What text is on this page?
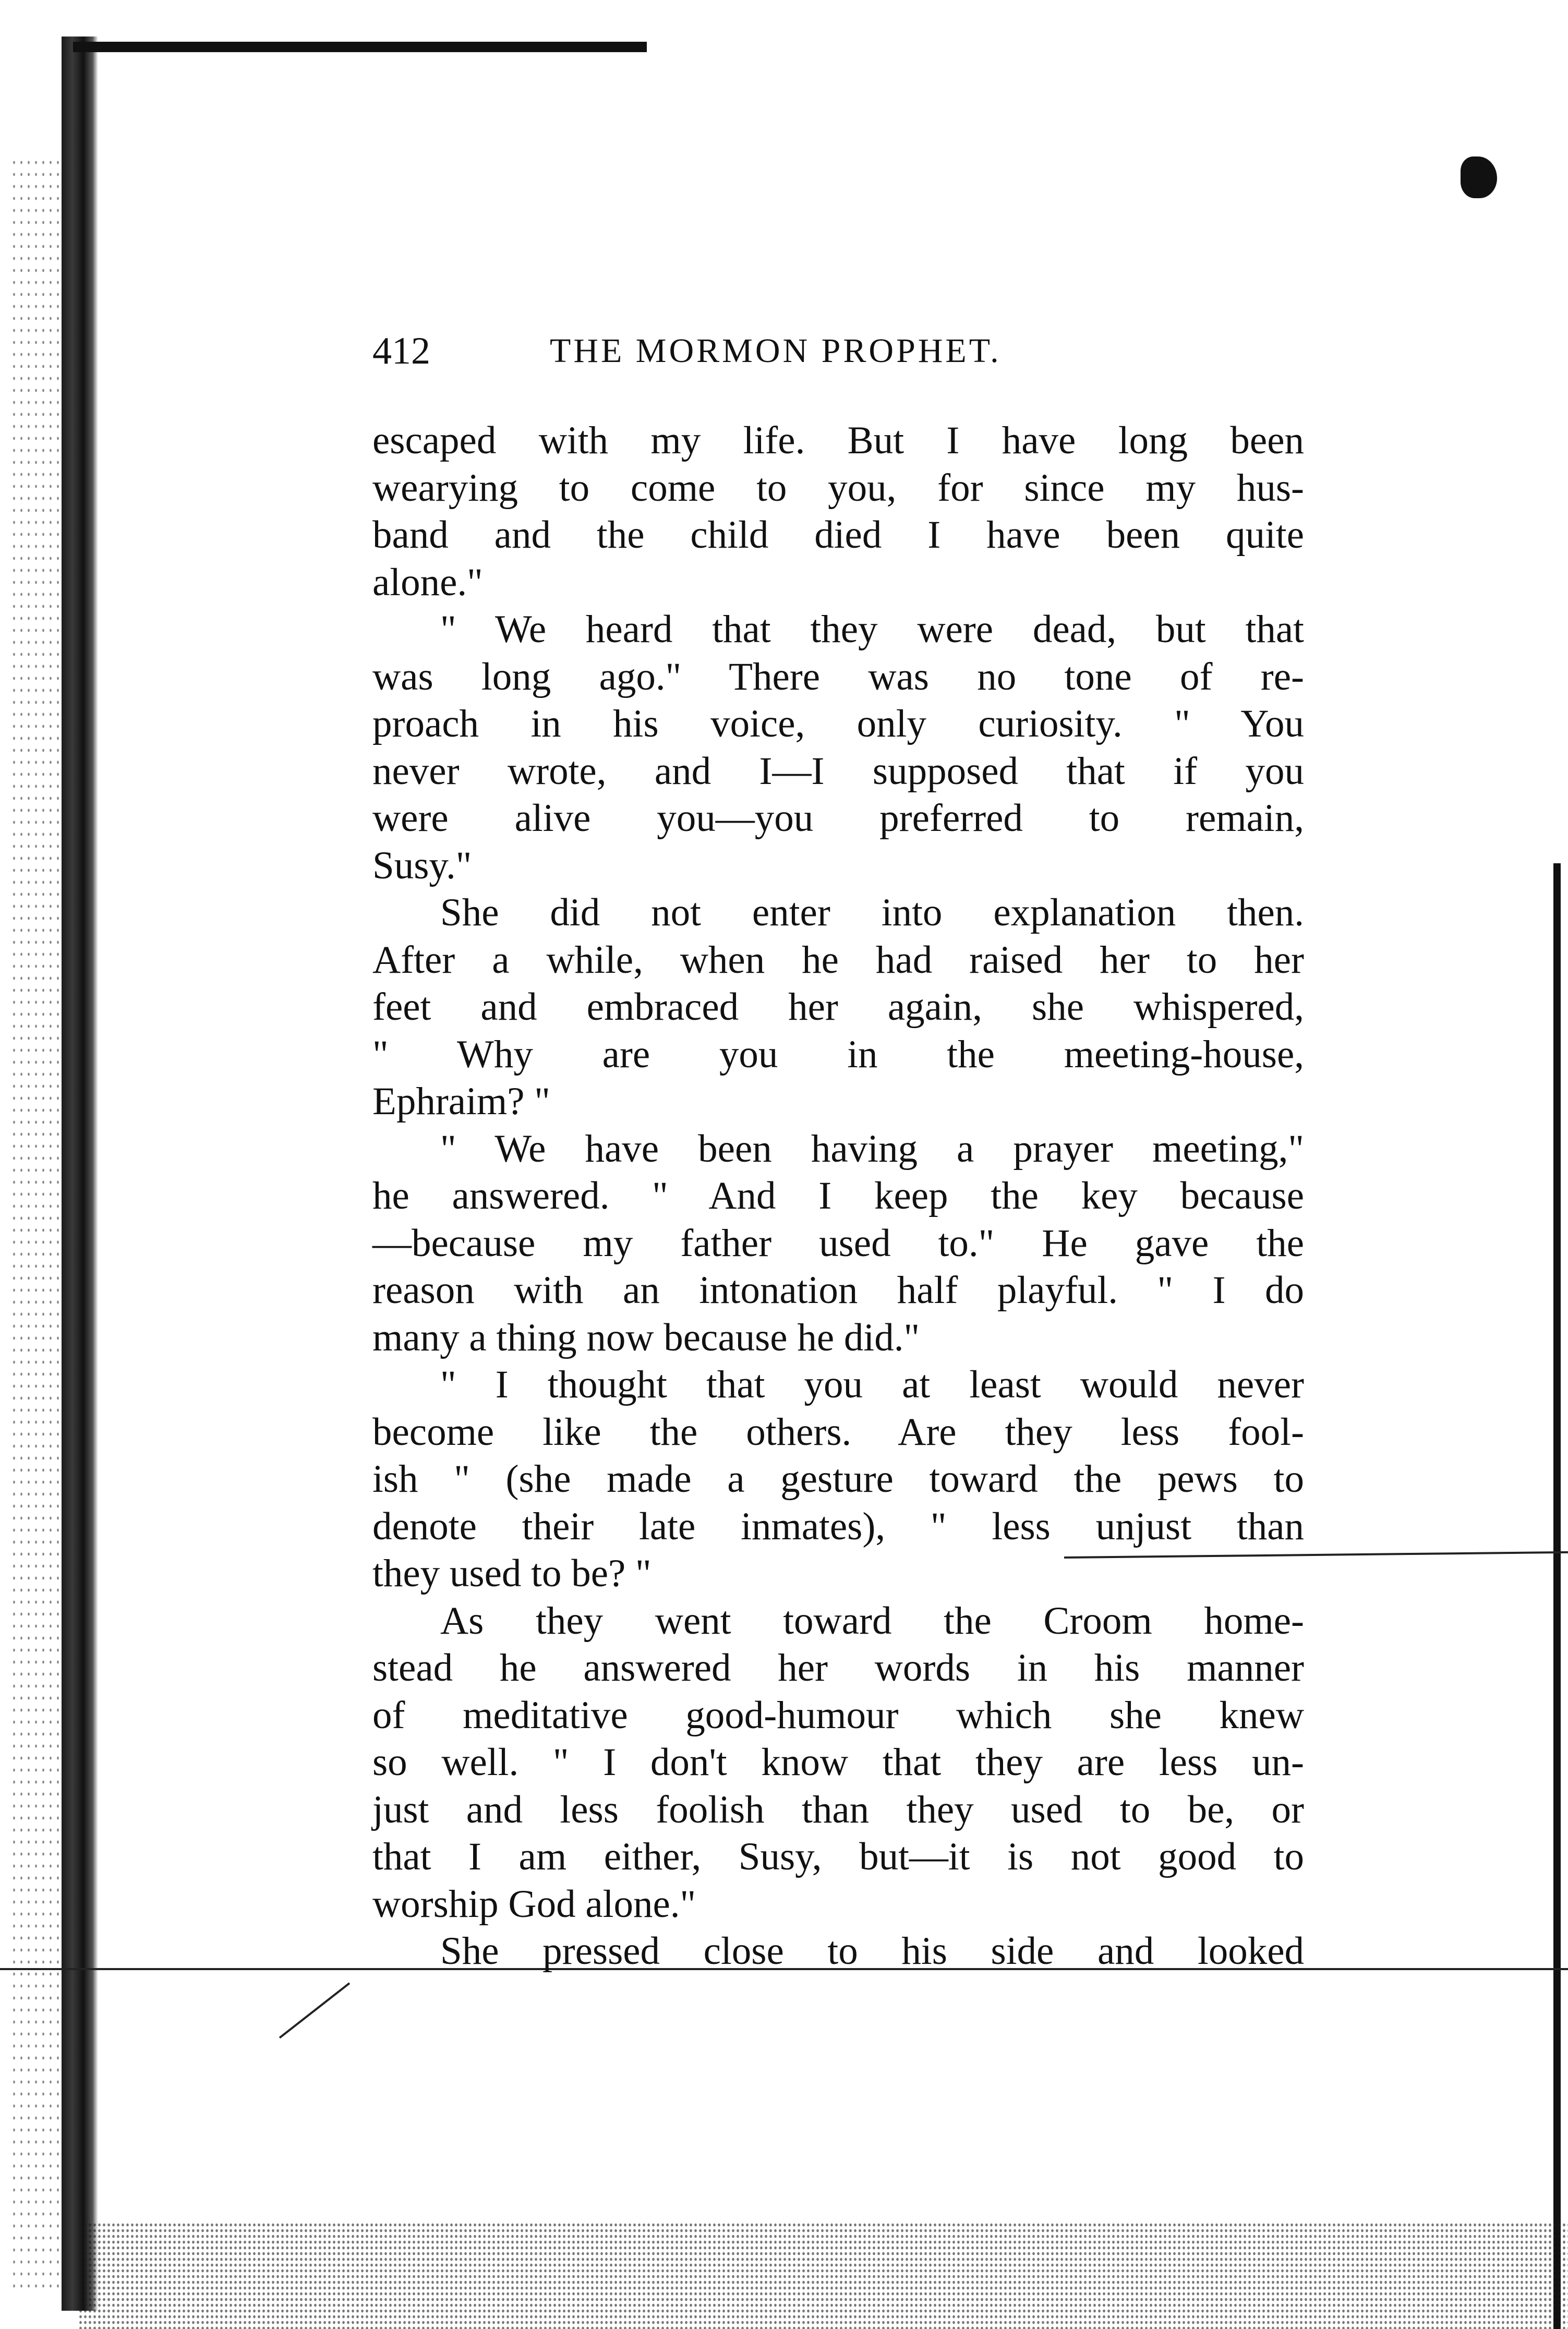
412	THE MORMON PROPHET.
escaped with my life. But I have long been
wearying to come to you, for since my hus-
band and the child died I have been quite
alone."
" We heard that they were dead, but that
was long ago." There was no tone of re-
proach in his voice, only curiosity. " You
never wrote, and I—I supposed that if you
were alive you—you preferred to remain,
Susy."
She did not enter into explanation then.
After a while, when he had raised her to her
feet and embraced her again, she whispered,
" Why are you in the meeting-house,
Ephraim? "
" We have been having a prayer meeting,"
he answered. " And I keep the key because
—because my father used to." He gave the
reason with an intonation half playful. " I do
many a thing now because he did."
" I thought that you at least would never
become like the others. Are they less fool-
ish " (she made a gesture toward the pews to
denote their late inmates), " less unjust than
they used to be? "
As they went toward the Croom home-
stead he answered her words in his manner
of meditative good-humour which she knew
so well. " I don't know that they are less un-
just and less foolish than they used to be, or
that I am either, Susy, but—it is not good to
worship God alone."
She pressed close to his side and looked
